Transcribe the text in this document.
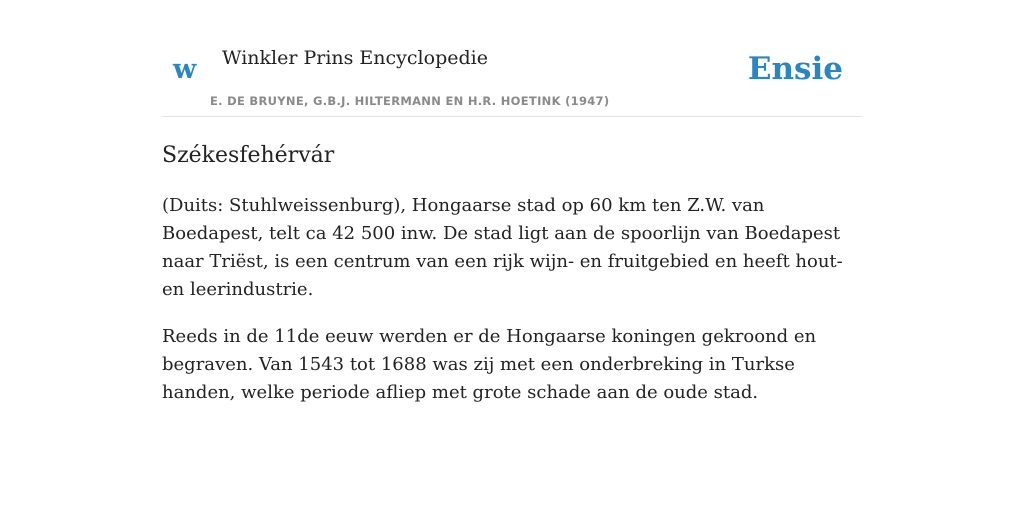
w Winkler Prins Encyclopedie	Ensie
E. DE BRUYNE, G.B.J. HILTERMANN EN H.R. HOETINK (1947)
Székesfehérvár

(Duits: Stuhlweissenburg), Hongaarse stad op 60 km ten Z.W. van Boedapest, telt ca 42 500 inw. De stad ligt aan de spoorlijn van Boedapest naar Triëst, is een centrum van een rijk wijn- en fruitgebied en heeft hout- en leerindustrie.

Reeds in de 11de eeuw werden er de Hongaarse koningen gekroond en begraven. Van 1543 tot 1688 was zij met een onderbreking in Turkse handen, welke periode afliep met grote schade aan de oude stad.
